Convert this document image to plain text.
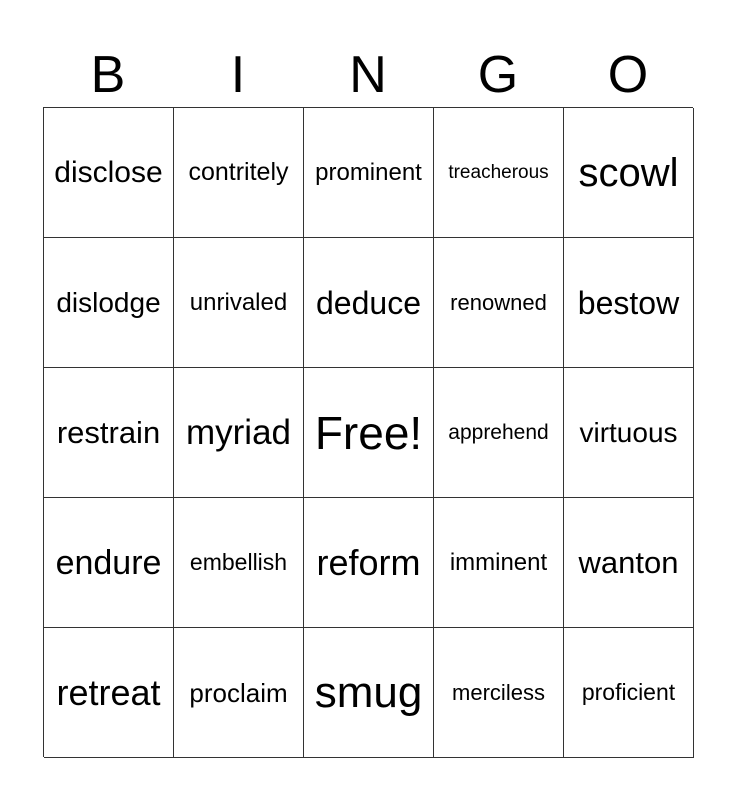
B	I	N	G	O
disclose contritely prominent treacherous scowl
dislodge unrivaled deduce renowned bestow
restrain myriad Free! apprehend virtuous
endure embellish reform imminent wanton
retreat proclaim smug merciless proficient
